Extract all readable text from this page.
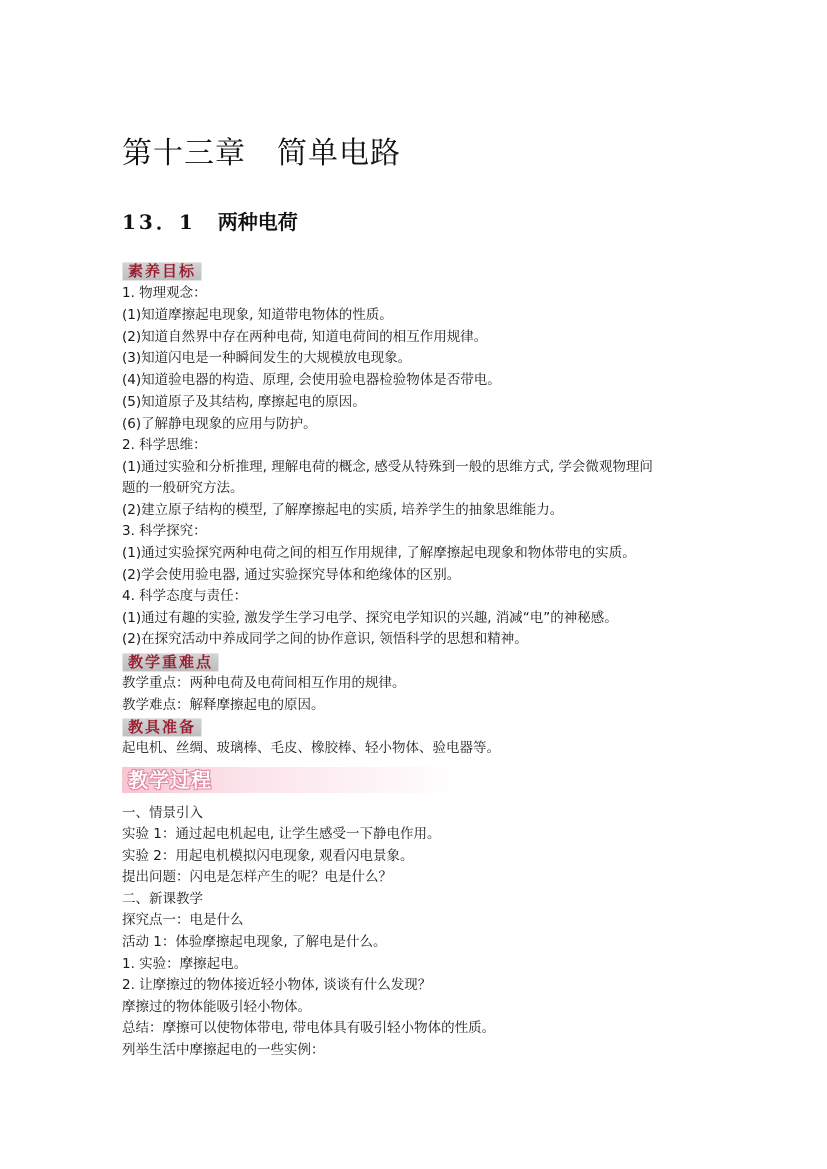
第十三章　简单电路
13．1 两种电荷
素养目标
1. 物理观念：
(1)知道摩擦起电现象, 知道带电物体的性质。
(2)知道自然界中存在两种电荷, 知道电荷间的相互作用规律。
(3)知道闪电是一种瞬间发生的大规模放电现象。
(4)知道验电器的构造、原理, 会使用验电器检验物体是否带电。
(5)知道原子及其结构, 摩擦起电的原因。
(6)了解静电现象的应用与防护。
2. 科学思维：
(1)通过实验和分析推理, 理解电荷的概念, 感受从特殊到一般的思维方式, 学会微观物理问
题的一般研究方法。
(2)建立原子结构的模型, 了解摩擦起电的实质, 培养学生的抽象思维能力。
3. 科学探究：
(1)通过实验探究两种电荷之间的相互作用规律, 了解摩擦起电现象和物体带电的实质。
(2)学会使用验电器, 通过实验探究导体和绝缘体的区别。
4. 科学态度与责任：
(1)通过有趣的实验, 激发学生学习电学、探究电学知识的兴趣, 消减“电”的神秘感。
(2)在探究活动中养成同学之间的协作意识, 领悟科学的思想和精神。
教学重难点
教学重点：两种电荷及电荷间相互作用的规律。
教学难点：解释摩擦起电的原因。
教具准备
起电机、丝绸、玻璃棒、毛皮、橡胶棒、轻小物体、验电器等。
教学过程
一、情景引入
实验 1：通过起电机起电, 让学生感受一下静电作用。
实验 2：用起电机模拟闪电现象, 观看闪电景象。
提出问题：闪电是怎样产生的呢？电是什么？
二、新课教学
探究点一：电是什么
活动 1：体验摩擦起电现象, 了解电是什么。
1. 实验：摩擦起电。
2. 让摩擦过的物体接近轻小物体, 谈谈有什么发现？
摩擦过的物体能吸引轻小物体。
总结：摩擦可以使物体带电, 带电体具有吸引轻小物体的性质。
列举生活中摩擦起电的一些实例：
